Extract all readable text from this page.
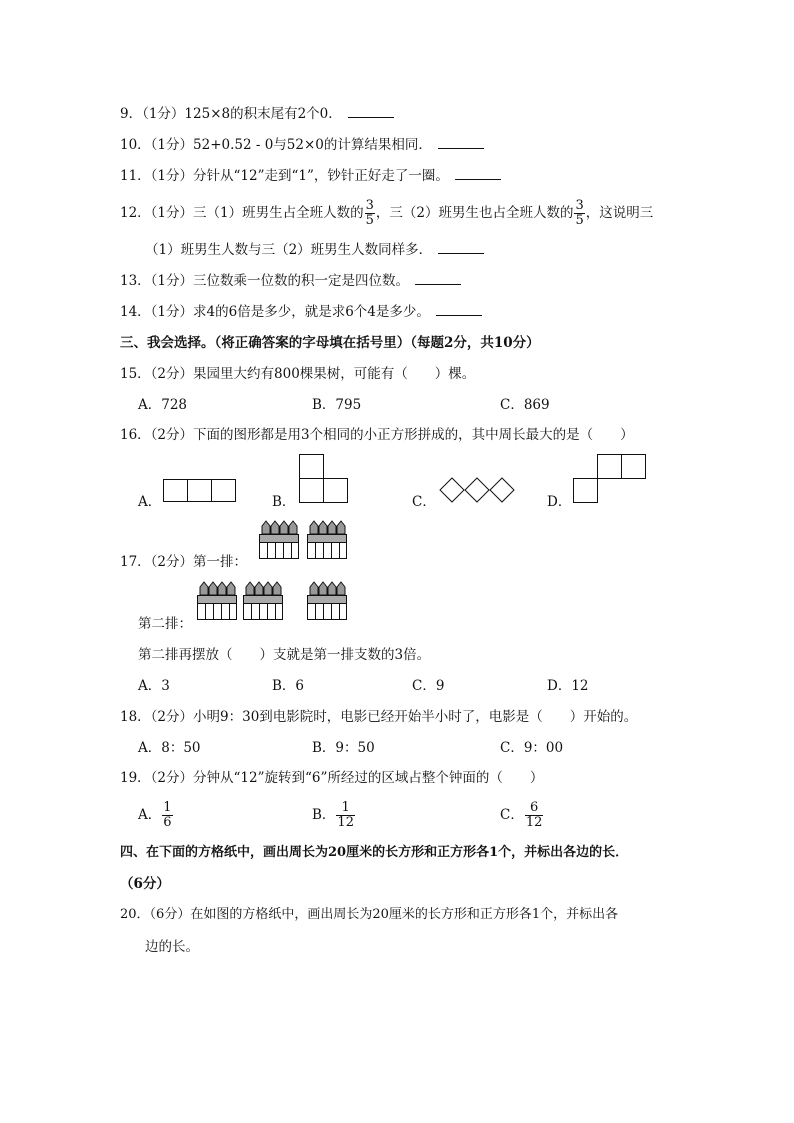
9．（1分）125×8的积末尾有2个0．
10．（1分）52+0.52 - 0与52×0的计算结果相同．
11．（1分）分针从“12”走到“1”，钞针正好走了一圈。
12．（1分）三（1）班男生占全班人数的 $\frac{3}{5}$ ，三（2）班男生也占全班人数的 $\frac{3}{5}$ ，这说明三
（1）班男生人数与三（2）班男生人数同样多．
13．（1分）三位数乘一位数的积一定是四位数。
14．（1分）求4的6倍是多少，就是求6个4是多少。
三、我会选择。（将正确答案的字母填在括号里）（每题2分，共10分）
15．（2分）果园里大约有800棵果树，可能有（　　）棵。
A．728	B．795	C．869
16．（2分）下面的图形都是用3个相同的小正方形拼成的，其中周长最大的是（　　）
A．	B．	C．	D．
17．（2分）第一排：
第二排：
第二排再摆放（　　）支就是第一排支数的3倍。
A．3	B．6	C．9	D．12
18．（2分）小明9：30到电影院时，电影已经开始半小时了，电影是（　　）开始的。
A．8：50	B．9：50	C．9：00
19．（2分）分钟从“12”旋转到“6”所经过的区域占整个钟面的（　　）
A． $\frac{1}{6}$	B． $\frac{1}{12}$	C． $\frac{6}{12}$
四、在下面的方格纸中，画出周长为20厘米的长方形和正方形各1个，并标出各边的长．
（6分）
20．（6分）在如图的方格纸中，画出周长为20厘米的长方形和正方形各1个，并标出各
边的长。
